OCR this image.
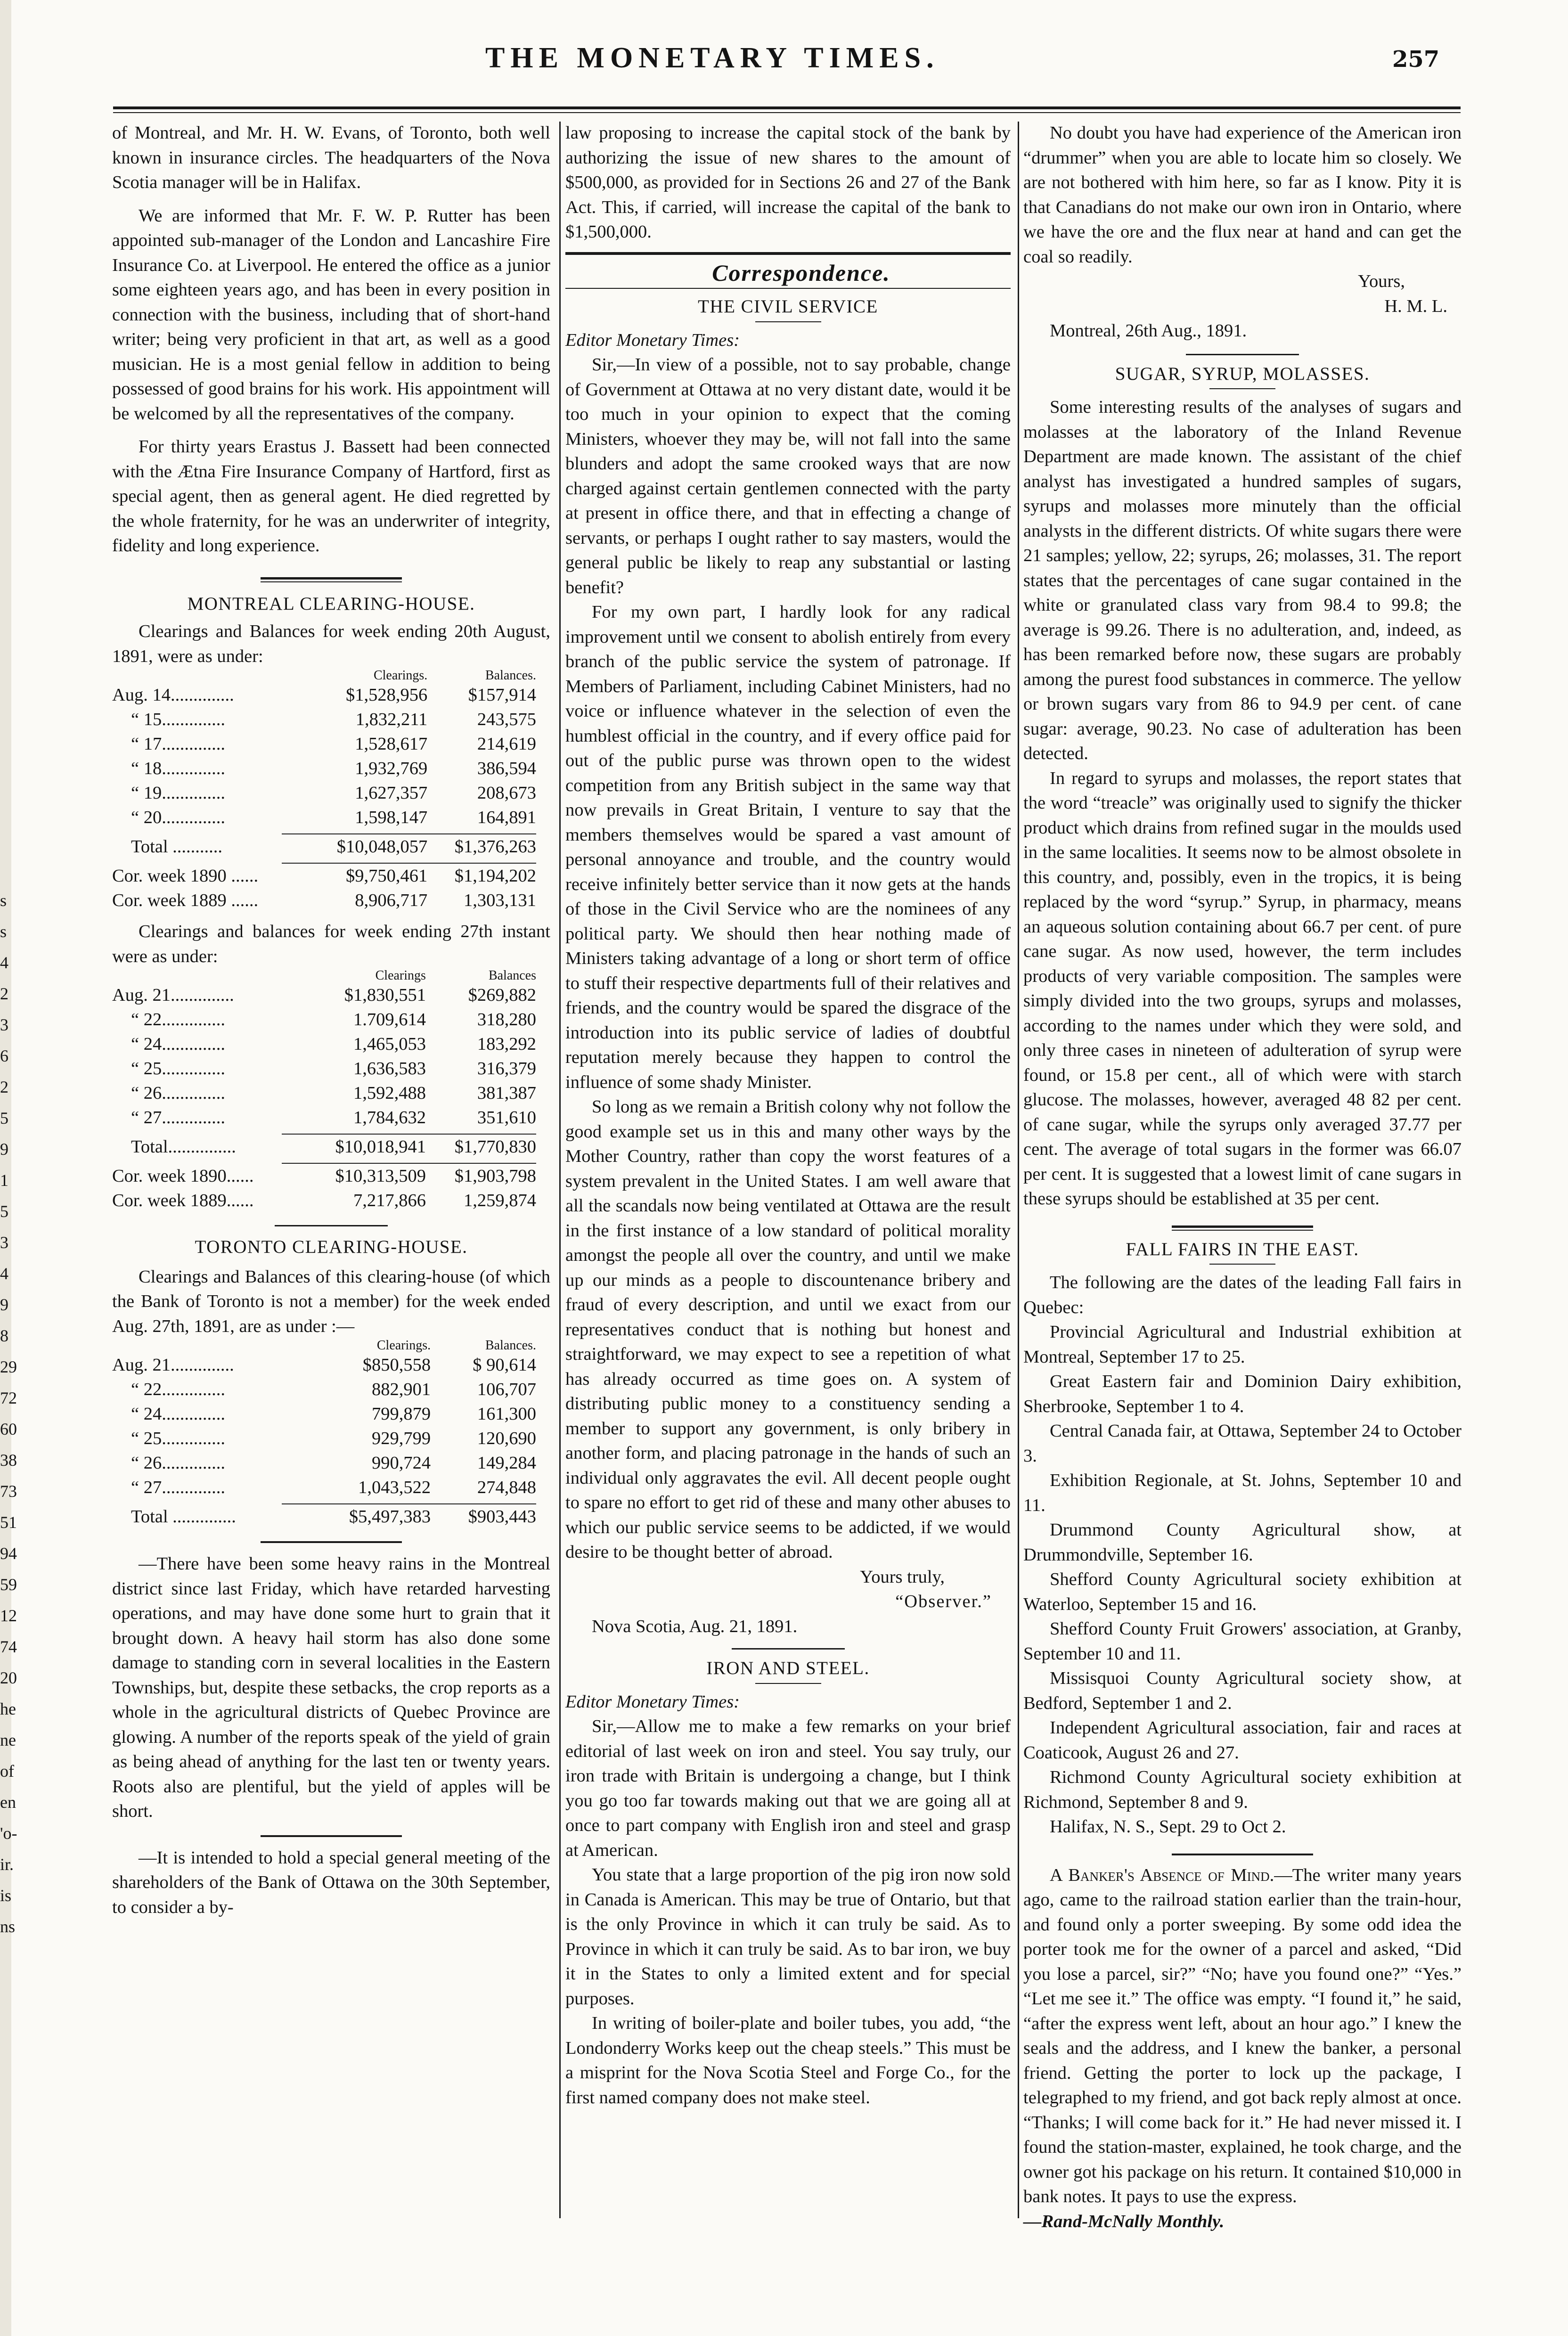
s
s
4
2
3
6
2
5
9
1
5
3
4
9
8
29
72
60
38
73
51
94
59
12
74
20
he
ne
of
en
'o-
ir.
is
ns
THE MONETARY TIMES.	257

of Montreal, and Mr. H. W. Evans, of Toronto, both well known in insurance circles. The headquarters of the Nova Scotia manager will be in Halifax.

We are informed that Mr. F. W. P. Rutter has been appointed sub-manager of the London and Lancashire Fire Insurance Co. at Liverpool. He entered the office as a junior some eighteen years ago, and has been in every position in connection with the business, including that of short-hand writer; being very proficient in that art, as well as a good musician. He is a most genial fellow in addition to being possessed of good brains for his work. His appointment will be welcomed by all the representatives of the company.

For thirty years Erastus J. Bassett had been connected with the Ætna Fire Insurance Company of Hartford, first as special agent, then as general agent. He died regretted by the whole fraternity, for he was an underwriter of integrity, fidelity and long experience.

MONTREAL CLEARING-HOUSE.

Clearings and Balances for week ending 20th August, 1891, were as under:

	Clearings.	Balances.
Aug. 14..............	$1,528,956	$157,914
“ 15..............	1,832,211	243,575
“ 17..............	1,528,617	214,619
“ 18..............	1,932,769	386,594
“ 19..............	1,627,357	208,673
“ 20..............	1,598,147	164,891

Total ...........	$10,048,057	$1,376,263

Cor. week 1890 ......	$9,750,461	$1,194,202
Cor. week 1889 ......	8,906,717	1,303,131

Clearings and balances for week ending 27th instant were as under:

	Clearings	Balances
Aug. 21..............	$1,830,551	$269,882
“ 22..............	1.709,614	318,280
“ 24..............	1,465,053	183,292
“ 25..............	1,636,583	316,379
“ 26..............	1,592,488	381,387
“ 27..............	1,784,632	351,610

Total...............	$10,018,941	$1,770,830

Cor. week 1890......	$10,313,509	$1,903,798
Cor. week 1889......	7,217,866	1,259,874

TORONTO CLEARING-HOUSE.

Clearings and Balances of this clearing-house (of which the Bank of Toronto is not a member) for the week ended Aug. 27th, 1891, are as under :—

	Clearings.	Balances.
Aug. 21..............	$850,558	$ 90,614
“ 22..............	882,901	106,707
“ 24..............	799,879	161,300
“ 25..............	929,799	120,690
“ 26..............	990,724	149,284
“ 27..............	1,043,522	274,848

Total ..............	$5,497,383	$903,443

—There have been some heavy rains in the Montreal district since last Friday, which have retarded harvesting operations, and may have done some hurt to grain that it brought down. A heavy hail storm has also done some damage to standing corn in several localities in the Eastern Townships, but, despite these setbacks, the crop reports as a whole in the agricultural districts of Quebec Province are glowing. A number of the reports speak of the yield of grain as being ahead of anything for the last ten or twenty years. Roots also are plentiful, but the yield of apples will be short.

—It is intended to hold a special general meeting of the shareholders of the Bank of Ottawa on the 30th September, to consider a by-

law proposing to increase the capital stock of the bank by authorizing the issue of new shares to the amount of $500,000, as provided for in Sections 26 and 27 of the Bank Act. This, if carried, will increase the capital of the bank to $1,500,000.

Correspondence.

THE CIVIL SERVICE

Editor Monetary Times:

Sir,—In view of a possible, not to say probable, change of Government at Ottawa at no very distant date, would it be too much in your opinion to expect that the coming Ministers, whoever they may be, will not fall into the same blunders and adopt the same crooked ways that are now charged against certain gentlemen connected with the party at present in office there, and that in effecting a change of servants, or perhaps I ought rather to say masters, would the general public be likely to reap any substantial or lasting benefit?

For my own part, I hardly look for any radical improvement until we consent to abolish entirely from every branch of the public service the system of patronage. If Members of Parliament, including Cabinet Ministers, had no voice or influence whatever in the selection of even the humblest official in the country, and if every office paid for out of the public purse was thrown open to the widest competition from any British subject in the same way that now prevails in Great Britain, I venture to say that the members themselves would be spared a vast amount of personal annoyance and trouble, and the country would receive infinitely better service than it now gets at the hands of those in the Civil Service who are the nominees of any political party. We should then hear nothing made of Ministers taking advantage of a long or short term of office to stuff their respective departments full of their relatives and friends, and the country would be spared the disgrace of the introduction into its public service of ladies of doubtful reputation merely because they happen to control the influence of some shady Minister.

So long as we remain a British colony why not follow the good example set us in this and many other ways by the Mother Country, rather than copy the worst features of a system prevalent in the United States. I am well aware that all the scandals now being ventilated at Ottawa are the result in the first instance of a low standard of political morality amongst the people all over the country, and until we make up our minds as a people to discountenance bribery and fraud of every description, and until we exact from our representatives conduct that is nothing but honest and straightforward, we may expect to see a repetition of what has already occurred as time goes on. A system of distributing public money to a constituency sending a member to support any government, is only bribery in another form, and placing patronage in the hands of such an individual only aggravates the evil. All decent people ought to spare no effort to get rid of these and many other abuses to which our public service seems to be addicted, if we would desire to be thought better of abroad.

Yours truly,

“Observer.”

Nova Scotia, Aug. 21, 1891.

IRON AND STEEL.

Editor Monetary Times:

Sir,—Allow me to make a few remarks on your brief editorial of last week on iron and steel. You say truly, our iron trade with Britain is undergoing a change, but I think you go too far towards making out that we are going all at once to part company with English iron and steel and grasp at American.

You state that a large proportion of the pig iron now sold in Canada is American. This may be true of Ontario, but that is the only Province in which it can truly be said. As to Province in which it can truly be said. As to bar iron, we buy it in the States to only a limited extent and for special purposes.

In writing of boiler-plate and boiler tubes, you add, “the Londonderry Works keep out the cheap steels.” This must be a misprint for the Nova Scotia Steel and Forge Co., for the first named company does not make steel.

No doubt you have had experience of the American iron “drummer” when you are able to locate him so closely. We are not bothered with him here, so far as I know. Pity it is that Canadians do not make our own iron in Ontario, where we have the ore and the flux near at hand and can get the coal so readily.

Yours,

H. M. L.

Montreal, 26th Aug., 1891.

SUGAR, SYRUP, MOLASSES.

Some interesting results of the analyses of sugars and molasses at the laboratory of the Inland Revenue Department are made known. The assistant of the chief analyst has investigated a hundred samples of sugars, syrups and molasses more minutely than the official analysts in the different districts. Of white sugars there were 21 samples; yellow, 22; syrups, 26; molasses, 31. The report states that the percentages of cane sugar contained in the white or granulated class vary from 98.4 to 99.8; the average is 99.26. There is no adulteration, and, indeed, as has been remarked before now, these sugars are probably among the purest food substances in commerce. The yellow or brown sugars vary from 86 to 94.9 per cent. of cane sugar: average, 90.23. No case of adulteration has been detected.

In regard to syrups and molasses, the report states that the word “treacle” was originally used to signify the thicker product which drains from refined sugar in the moulds used in the same localities. It seems now to be almost obsolete in this country, and, possibly, even in the tropics, it is being replaced by the word “syrup.” Syrup, in pharmacy, means an aqueous solution containing about 66.7 per cent. of pure cane sugar. As now used, however, the term includes products of very variable composition. The samples were simply divided into the two groups, syrups and molasses, according to the names under which they were sold, and only three cases in nineteen of adulteration of syrup were found, or 15.8 per cent., all of which were with starch glucose. The molasses, however, averaged 48 82 per cent. of cane sugar, while the syrups only averaged 37.77 per cent. The average of total sugars in the former was 66.07 per cent. It is suggested that a lowest limit of cane sugars in these syrups should be established at 35 per cent.

FALL FAIRS IN THE EAST.

The following are the dates of the leading Fall fairs in Quebec:

Provincial Agricultural and Industrial exhibition at Montreal, September 17 to 25.

Great Eastern fair and Dominion Dairy exhibition, Sherbrooke, September 1 to 4.

Central Canada fair, at Ottawa, September 24 to October 3.

Exhibition Regionale, at St. Johns, September 10 and 11.

Drummond County Agricultural show, at Drummondville, September 16.

Shefford County Agricultural society exhibition at Waterloo, September 15 and 16.

Shefford County Fruit Growers' association, at Granby, September 10 and 11.

Missisquoi County Agricultural society show, at Bedford, September 1 and 2.

Independent Agricultural association, fair and races at Coaticook, August 26 and 27.

Richmond County Agricultural society exhibition at Richmond, September 8 and 9.

Halifax, N. S., Sept. 29 to Oct 2.

A Banker's Absence of Mind.—The writer many years ago, came to the railroad station earlier than the train-hour, and found only a porter sweeping. By some odd idea the porter took me for the owner of a parcel and asked, “Did you lose a parcel, sir?” “No; have you found one?” “Yes.” “Let me see it.” The office was empty. “I found it,” he said, “after the express went left, about an hour ago.” I knew the seals and the address, and I knew the banker, a personal friend. Getting the porter to lock up the package, I telegraphed to my friend, and got back reply almost at once. “Thanks; I will come back for it.” He had never missed it. I found the station-master, explained, he took charge, and the owner got his package on his return. It contained $10,000 in bank notes. It pays to use the express.

—Rand-McNally Monthly.
